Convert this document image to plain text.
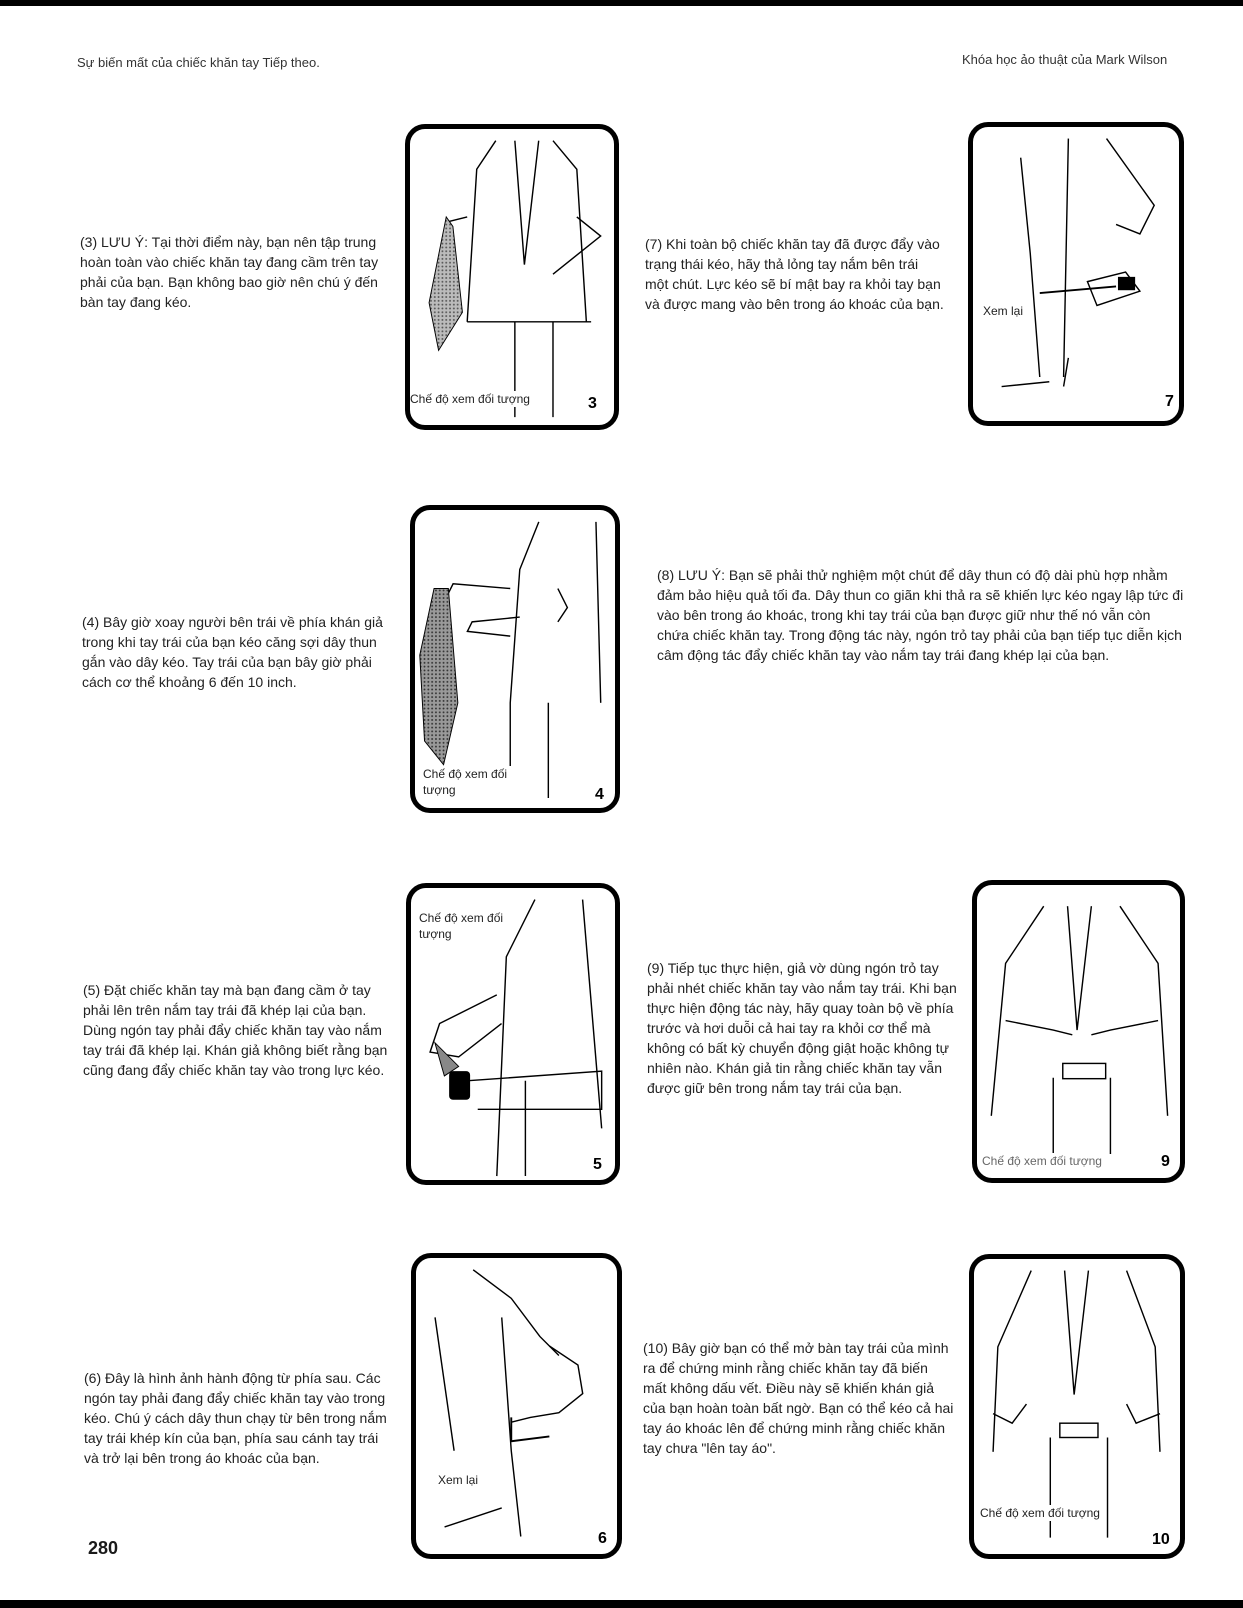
Sự biến mất của chiếc khăn tay Tiếp theo.	Khóa học ảo thuật của Mark Wilson
(3) LƯU Ý: Tại thời điểm này, bạn nên tập trung hoàn toàn vào chiếc khăn tay đang cầm trên tay phải của bạn. Bạn không bao giờ nên chú ý đến bàn tay đang kéo.
Chế độ xem đối tượng	3
(7) Khi toàn bộ chiếc khăn tay đã được đẩy vào trạng thái kéo, hãy thả lỏng tay nắm bên trái một chút. Lực kéo sẽ bí mật bay ra khỏi tay bạn và được mang vào bên trong áo khoác của bạn.	Xem lại
7
(4) Bây giờ xoay người bên trái về phía khán giả trong khi tay trái của bạn kéo căng sợi dây thun gắn vào dây kéo. Tay trái của bạn bây giờ phải cách cơ thể khoảng 6 đến 10 inch.
Chế độ xem đối tượng	4
(8) LƯU Ý: Bạn sẽ phải thử nghiệm một chút để dây thun có độ dài phù hợp nhằm đảm bảo hiệu quả tối đa. Dây thun co giãn khi thả ra sẽ khiến lực kéo ngay lập tức đi vào bên trong áo khoác, trong khi tay trái của bạn được giữ như thế nó vẫn còn chứa chiếc khăn tay. Trong động tác này, ngón trỏ tay phải của bạn tiếp tục diễn kịch câm động tác đẩy chiếc khăn tay vào nắm tay trái đang khép lại của bạn.
(5) Đặt chiếc khăn tay mà bạn đang cầm ở tay phải lên trên nắm tay trái đã khép lại của bạn. Dùng ngón tay phải đẩy chiếc khăn tay vào nắm tay trái đã khép lại. Khán giả không biết rằng bạn cũng đang đẩy chiếc khăn tay vào trong lực kéo.
Chế độ xem đối tượng
5
(9) Tiếp tục thực hiện, giả vờ dùng ngón trỏ tay phải nhét chiếc khăn tay vào nắm tay trái. Khi bạn thực hiện động tác này, hãy quay toàn bộ về phía trước và hơi duỗi cả hai tay ra khỏi cơ thể mà không có bất kỳ chuyển động giật hoặc không tự nhiên nào. Khán giả tin rằng chiếc khăn tay vẫn được giữ bên trong nắm tay trái của bạn.
Chế độ xem đối tượng	9
(6) Đây là hình ảnh hành động từ phía sau. Các ngón tay phải đang đẩy chiếc khăn tay vào trong kéo. Chú ý cách dây thun chạy từ bên trong nắm tay trái khép kín của bạn, phía sau cánh tay trái và trở lại bên trong áo khoác của bạn.
Xem lại
6
(10) Bây giờ bạn có thể mở bàn tay trái của mình ra để chứng minh rằng chiếc khăn tay đã biến mất không dấu vết. Điều này sẽ khiến khán giả của bạn hoàn toàn bất ngờ. Bạn có thể kéo cả hai tay áo khoác lên để chứng minh rằng chiếc khăn tay chưa "lên tay áo".
Chế độ xem đối tượng
10
280
